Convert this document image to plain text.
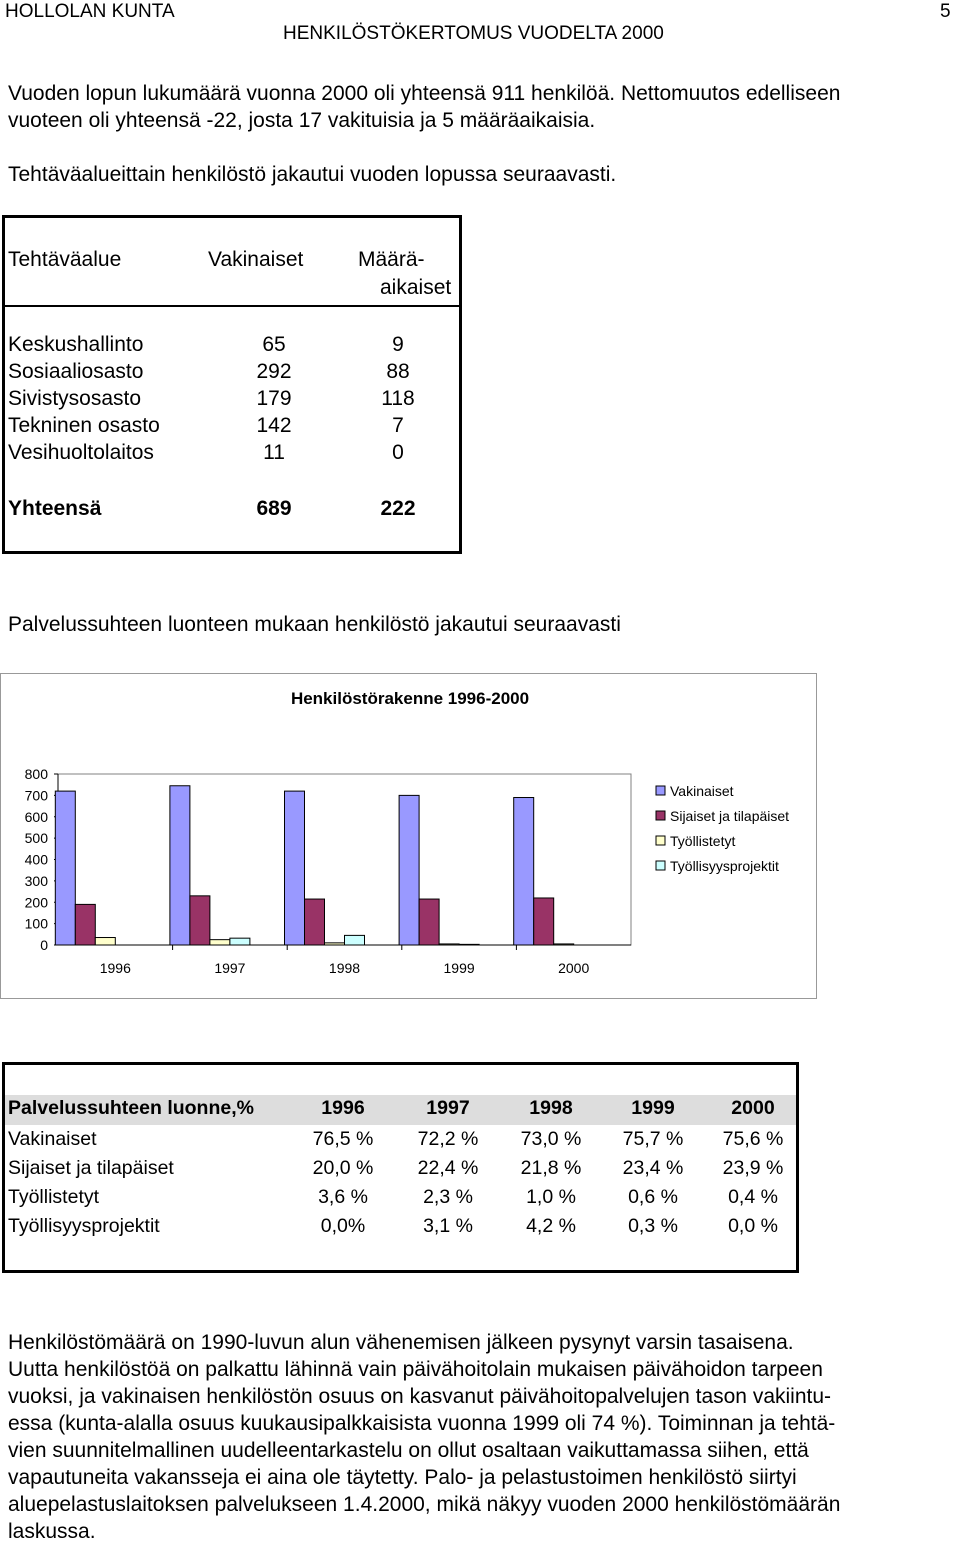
HOLLOLAN KUNTA
HENKILÖSTÖKERTOMUS VUODELTA 2000
5
Vuoden lopun lukumäärä vuonna 2000 oli yhteensä 911 henkilöä. Nettomuutos edelliseen
vuoteen oli yhteensä -22, josta 17 vakituisia ja 5 määräaikaisia.
Tehtäväalueittain henkilöstö jakautui vuoden lopussa seuraavasti.
Tehtäväalue	Vakinaiset	Määrä-
aikaiset
Keskushallinto	65	9
Sosiaaliosasto	292	88
Sivistysosasto	179	118
Tekninen osasto	142	7
Vesihuoltolaitos	11	0
Yhteensä	689	222
Palvelussuhteen luonteen mukaan henkilöstö jakautui seuraavasti
Henkilöstörakenne 1996-2000
0
100
200
300
400
500
600
700
800
1996	1997	1998	1999	2000
Vakinaiset
Sijaiset ja tilapäiset
Työllistetyt
Työllisyysprojektit
Palvelussuhteen luonne,%	1996	1997	1998	1999	2000
Vakinaiset	76,5 %	72,2 %	73,0 %	75,7 %	75,6 %
Sijaiset ja tilapäiset	20,0 %	22,4 %	21,8 %	23,4 %	23,9 %
Työllistetyt	3,6 %	2,3 %	1,0 %	0,6 %	0,4 %
Työllisyysprojektit	0,0%	3,1 %	4,2 %	0,3 %	0,0 %
Henkilöstömäärä on 1990-luvun alun vähenemisen jälkeen pysynyt varsin tasaisena.
Uutta henkilöstöä on palkattu lähinnä vain päivähoitolain mukaisen päivähoidon tarpeen
vuoksi, ja vakinaisen henkilöstön osuus on kasvanut päivähoitopalvelujen tason vakiintu-
essa (kunta-alalla osuus kuukausipalkkaisista vuonna 1999 oli 74 %). Toiminnan ja tehtä-
vien suunnitelmallinen uudelleentarkastelu on ollut osaltaan vaikuttamassa siihen, että
vapautuneita vakansseja ei aina ole täytetty. Palo- ja pelastustoimen henkilöstö siirtyi
aluepelastuslaitoksen palvelukseen 1.4.2000, mikä näkyy vuoden 2000 henkilöstömäärän
laskussa.
